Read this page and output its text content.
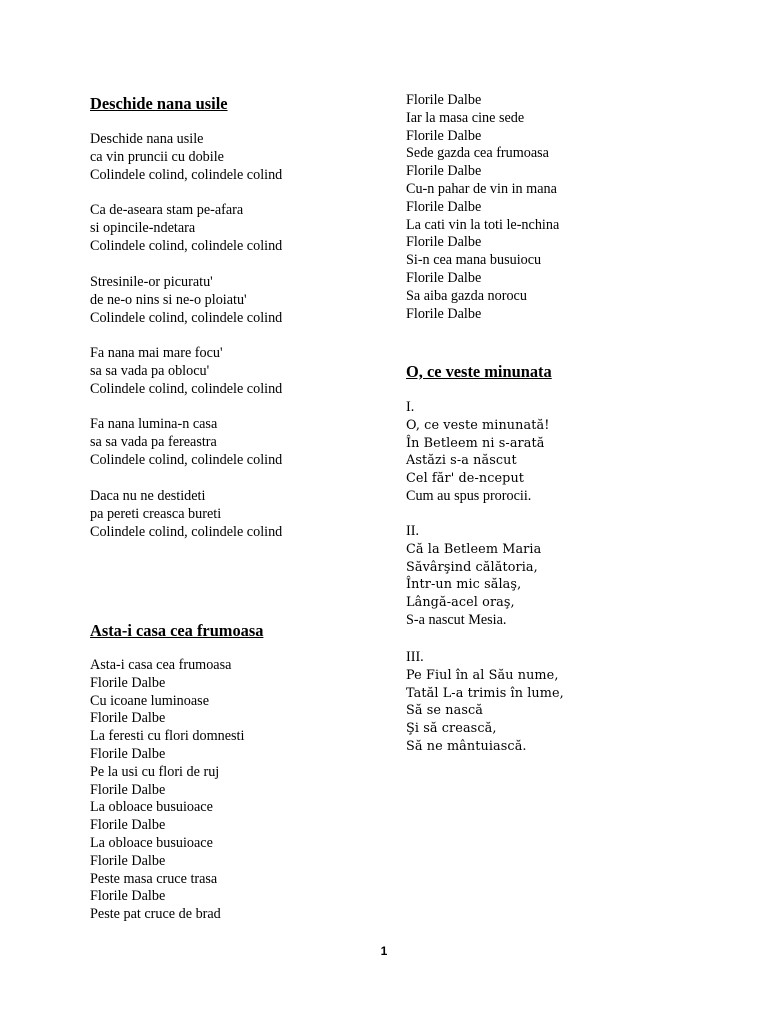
Deschide nana usile
Deschide nana usile
ca vin pruncii cu dobile
Colindele colind, colindele colind
Ca de-aseara stam pe-afara
si opincile-ndetara
Colindele colind, colindele colind
Stresinile-or picuratu'
de ne-o nins si ne-o ploiatu'
Colindele colind, colindele colind
Fa nana mai mare focu'
sa sa vada pa oblocu'
Colindele colind, colindele colind
Fa nana lumina-n casa
sa sa vada pa fereastra
Colindele colind, colindele colind
Daca nu ne destideti
pa pereti creasca bureti
Colindele colind, colindele colind
Asta-i casa cea frumoasa
Asta-i casa cea frumoasa
Florile Dalbe
Cu icoane luminoase
Florile Dalbe
La feresti cu flori domnesti
Florile Dalbe
Pe la usi cu flori de ruj
Florile Dalbe
La obloace busuioace
Florile Dalbe
La obloace busuioace
Florile Dalbe
Peste masa cruce trasa
Florile Dalbe
Peste pat cruce de brad
Florile Dalbe
Iar la masa cine sede
Florile Dalbe
Sede gazda cea frumoasa
Florile Dalbe
Cu-n pahar de vin in mana
Florile Dalbe
La cati vin la toti le-nchina
Florile Dalbe
Si-n cea mana busuiocu
Florile Dalbe
Sa aiba gazda norocu
Florile Dalbe
O, ce veste minunata
I.
O, ce veste minunată!
În Betleem ni s-arată
Astăzi s-a născut
Cel făr' de-nceput
Cum au spus prorocii.
II.
Că la Betleem Maria
Săvârşind călătoria,
Într-un mic sălaş,
Lângă-acel oraş,
S-a nascut Mesia.
III.
Pe Fiul în al Său nume,
Tatăl L-a trimis în lume,
Să se nască
Şi să crească,
Să ne mântuiască.
1
